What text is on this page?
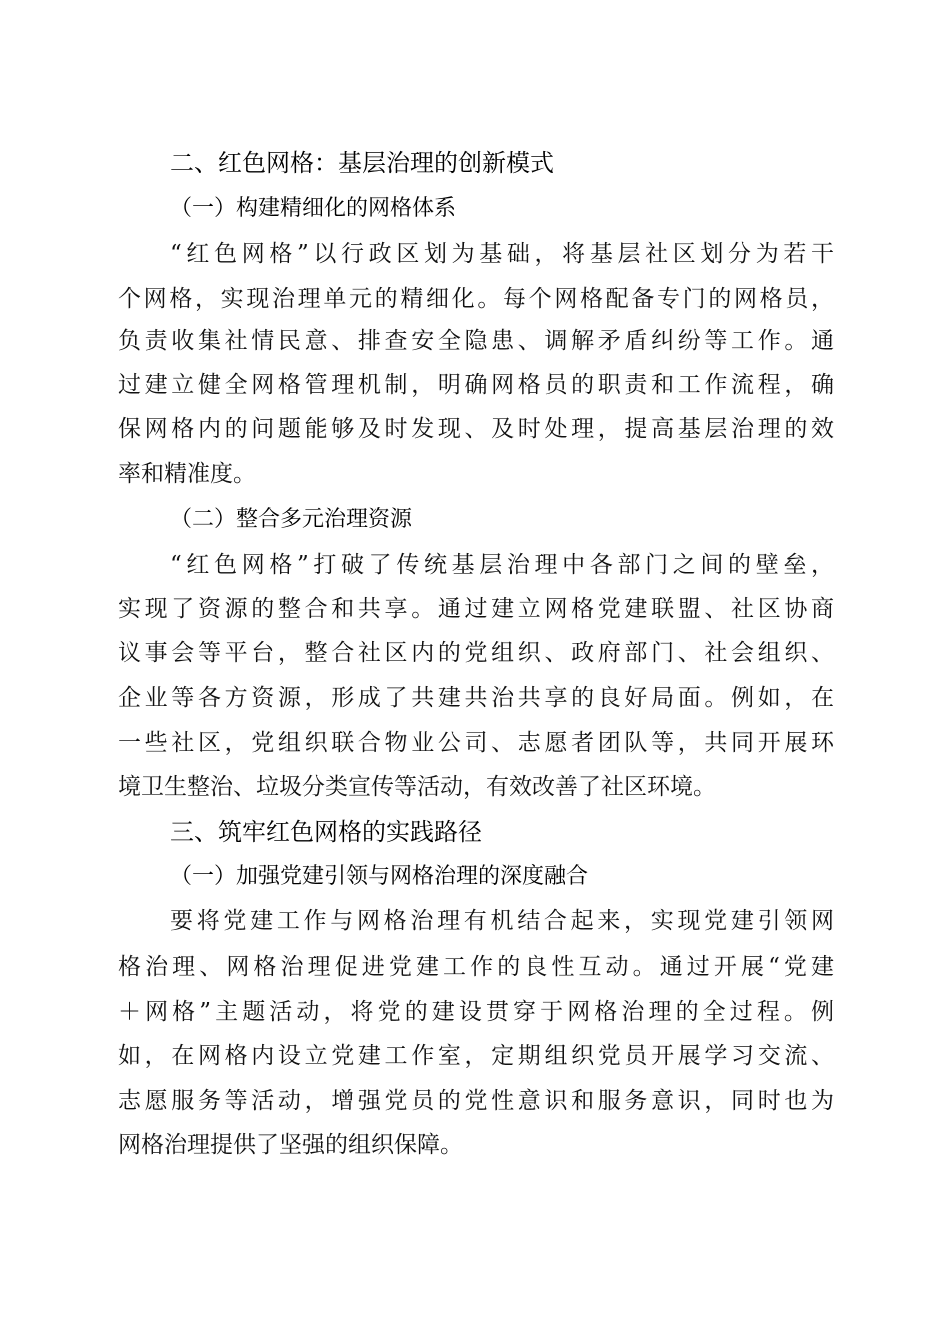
二、红色网格：基层治理的创新模式
（一）构建精细化的网格体系
“红色网格”以行政区划为基础，将基层社区划分为若干
个网格，实现治理单元的精细化。每个网格配备专门的网格员，
负责收集社情民意、排查安全隐患、调解矛盾纠纷等工作。通
过建立健全网格管理机制，明确网格员的职责和工作流程，确
保网格内的问题能够及时发现、及时处理，提高基层治理的效
率和精准度。
（二）整合多元治理资源
“红色网格”打破了传统基层治理中各部门之间的壁垒，
实现了资源的整合和共享。通过建立网格党建联盟、社区协商
议事会等平台，整合社区内的党组织、政府部门、社会组织、
企业等各方资源，形成了共建共治共享的良好局面。例如，在
一些社区，党组织联合物业公司、志愿者团队等，共同开展环
境卫生整治、垃圾分类宣传等活动，有效改善了社区环境。
三、筑牢红色网格的实践路径
（一）加强党建引领与网格治理的深度融合
要将党建工作与网格治理有机结合起来，实现党建引领网
格治理、网格治理促进党建工作的良性互动。通过开展“党建
＋网格”主题活动，将党的建设贯穿于网格治理的全过程。例
如，在网格内设立党建工作室，定期组织党员开展学习交流、
志愿服务等活动，增强党员的党性意识和服务意识，同时也为
网格治理提供了坚强的组织保障。
